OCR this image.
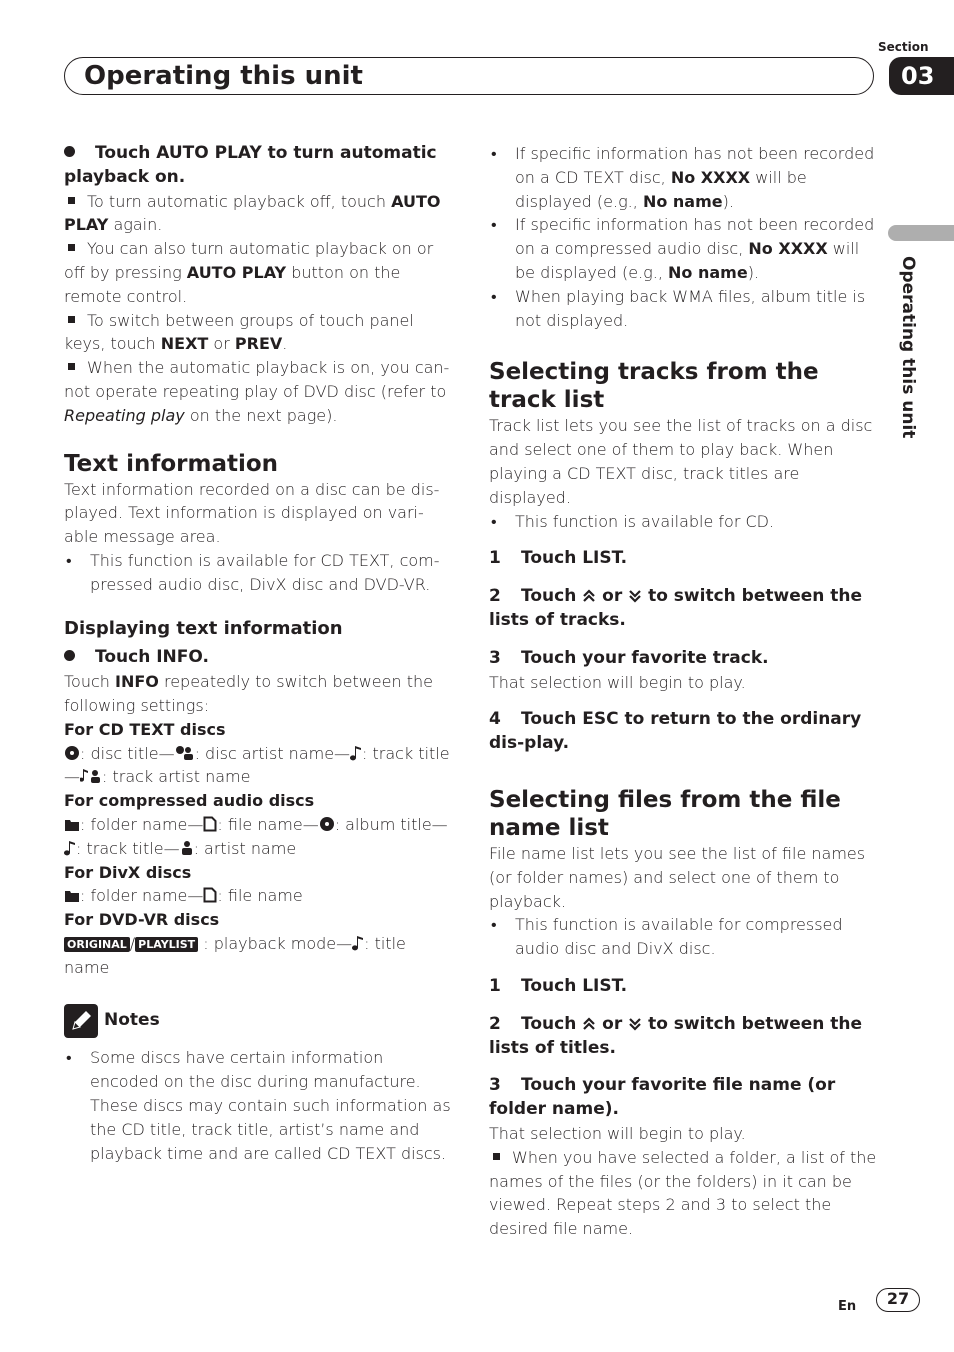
Operating this unit
Section
03
Operating this unit

Touch AUTO PLAY to turn automatic playback on.

To turn automatic playback off, touch AUTO PLAY again.

You can also turn automatic playback on or off by pressing AUTO PLAY button on the remote control.

To switch between groups of touch panel keys, touch NEXT or PREV.

When the automatic playback is on, you can-not operate repeating play of DVD disc (refer to Repeating play on the next page).

Text information

Text information recorded on a disc can be dis-played. Text information is displayed on vari-able message area.

• This function is available for CD TEXT, com-pressed audio disc, DivX disc and DVD-VR.

Displaying text information

Touch INFO.

Touch INFO repeatedly to switch between the following settings:

For CD TEXT discs

: disc title— : disc artist name— : track title— : track artist name

For compressed audio discs

: folder name— : file name— : album title—: track title— : artist name

For DivX discs

: folder name— : file name

For DVD-VR discs

ORIGINAL / PLAYLIST : playback mode— : title name

Notes

• Some discs have certain information encoded on the disc during manufacture. These discs may contain such information as the CD title, track title, artist’s name and playback time and are called CD TEXT discs.

• If specific information has not been recorded on a CD TEXT disc, No XXXX will be displayed (e.g., No name).

• If specific information has not been recorded on a compressed audio disc, No XXXX will be displayed (e.g., No name).

• When playing back WMA files, album title is not displayed.

Selecting tracks from the track list

Track list lets you see the list of tracks on a disc and select one of them to play back. When playing a CD TEXT disc, track titles are displayed.

• This function is available for CD.

1 Touch LIST.

2 Touch or to switch between the lists of tracks.

3 Touch your favorite track.

That selection will begin to play.

4 Touch ESC to return to the ordinary dis-play.

Selecting files from the file name list

File name list lets you see the list of file names (or folder names) and select one of them to playback.

• This function is available for compressed audio disc and DivX disc.

1 Touch LIST.

2 Touch or to switch between the lists of titles.

3 Touch your favorite file name (or folder name).

That selection will begin to play.

When you have selected a folder, a list of the names of the files (or the folders) in it can be viewed. Repeat steps 2 and 3 to select the desired file name.

En	27
